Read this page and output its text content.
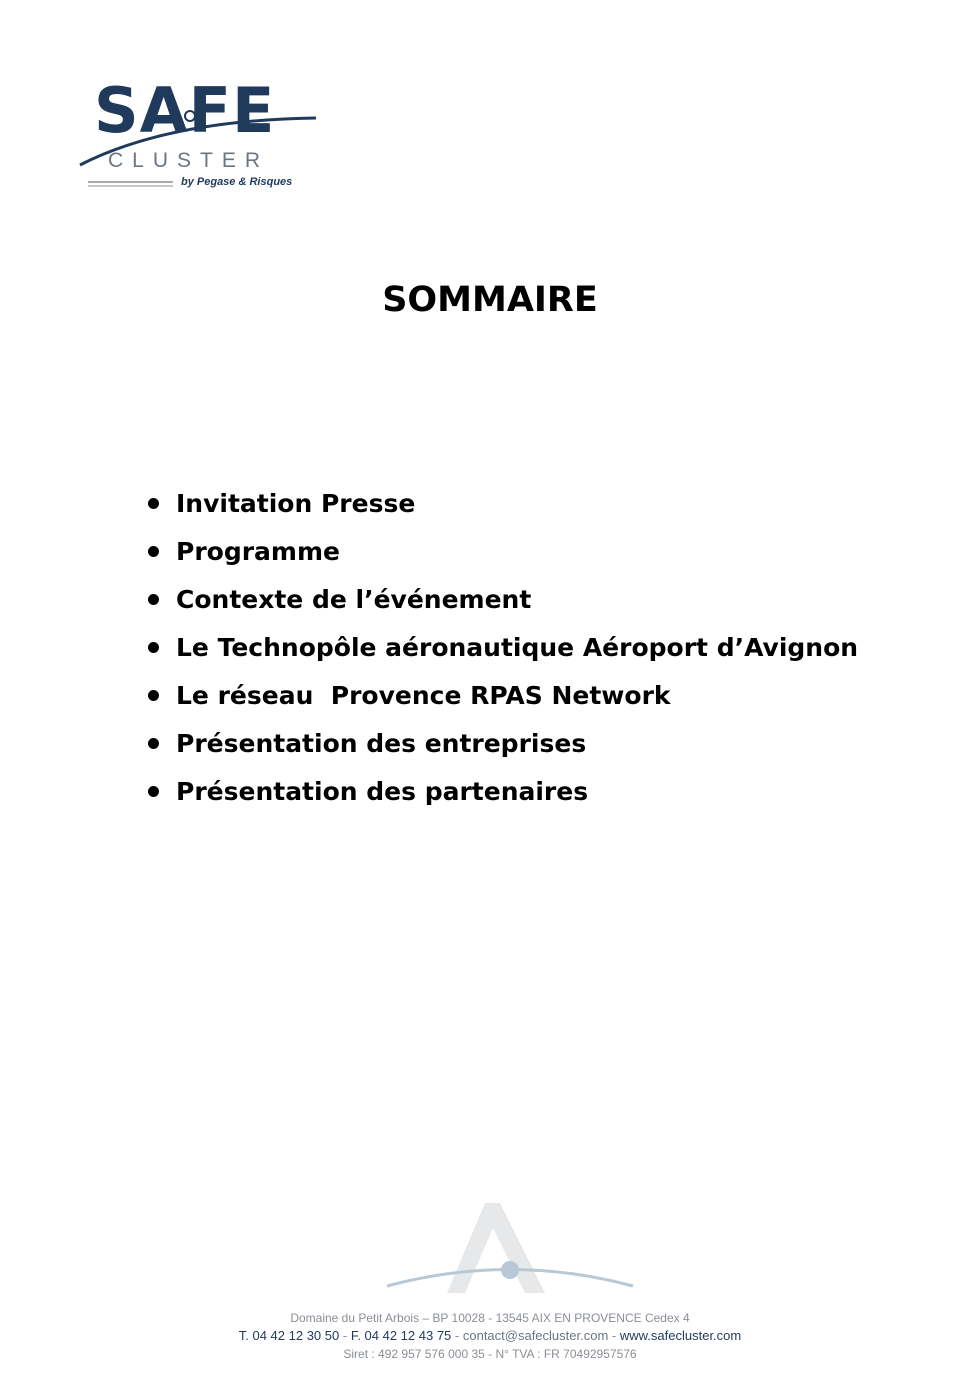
SAFE
CLUSTER
by Pegase & Risques
SOMMAIRE
Invitation Presse
Programme
Contexte de l’événement
Le Technopôle aéronautique Aéroport d’Avignon
Le réseau  Provence RPAS Network
Présentation des entreprises
Présentation des partenaires
Domaine du Petit Arbois – BP 10028 - 13545 AIX EN PROVENCE Cedex 4
T. 04 42 12 30 50 - F. 04 42 12 43 75 - contact@safecluster.com - www.safecluster.com
Siret : 492 957 576 000 35 - N° TVA : FR 70492957576
